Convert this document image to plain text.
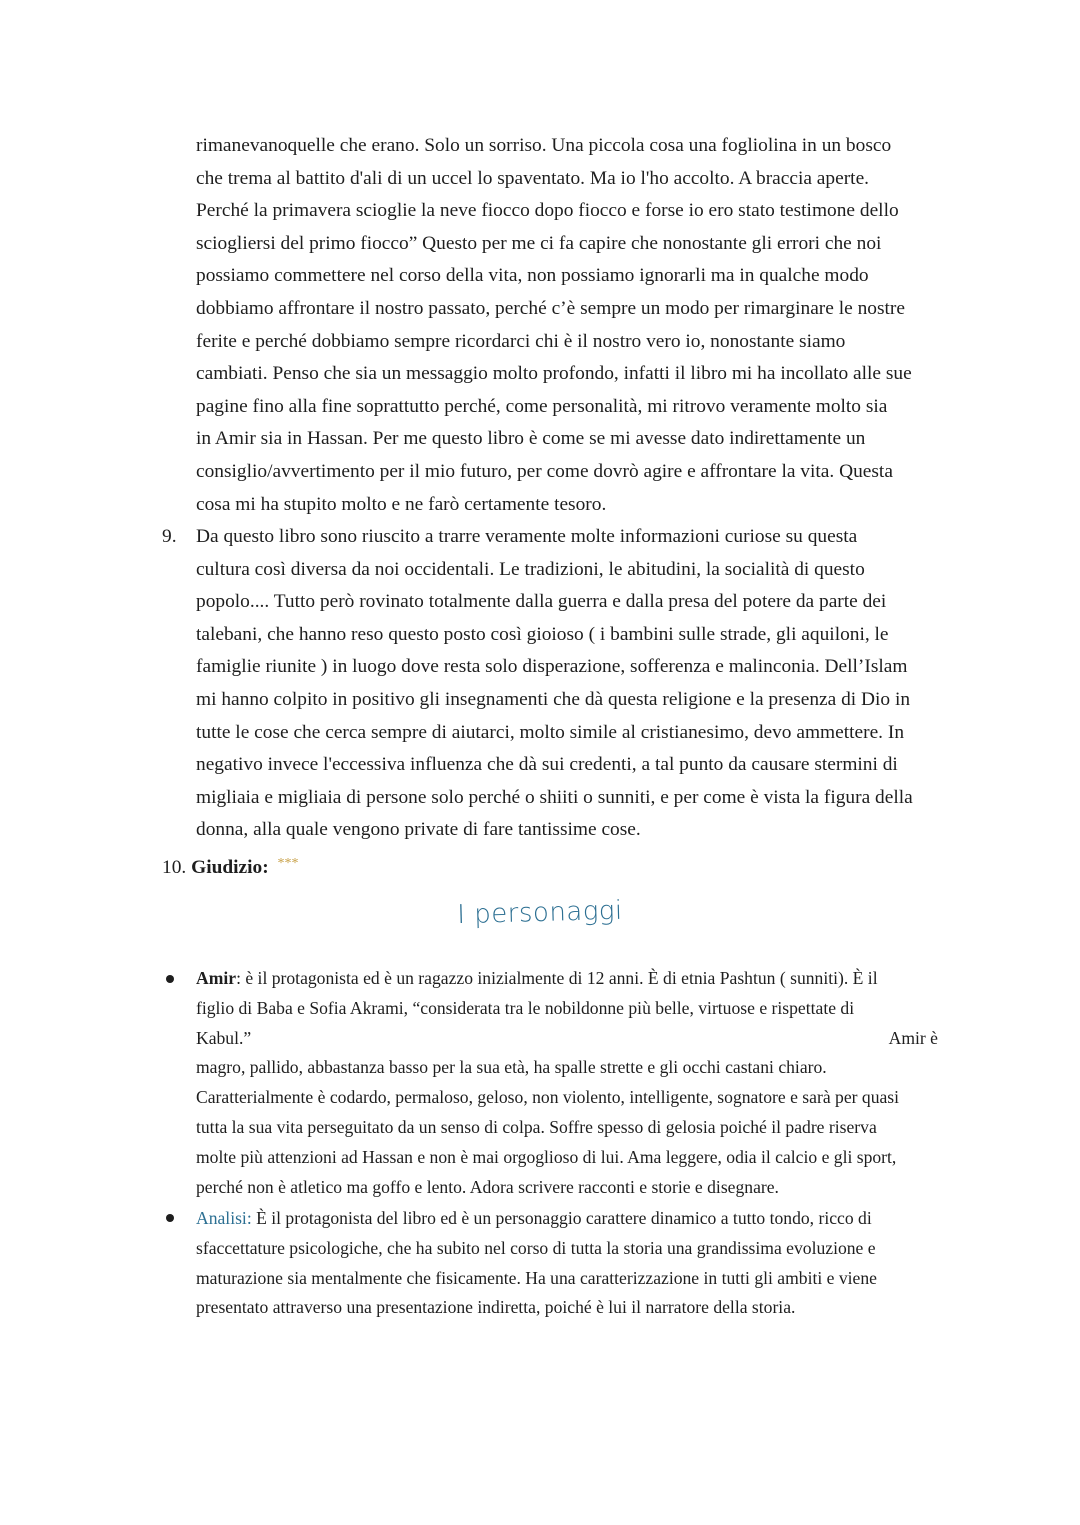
rimanevanoquelle che erano. Solo un sorriso. Una piccola cosa una fogliolina in un bosco
che trema al battito d'ali di un uccel lo spaventato. Ma io l'ho accolto. A braccia aperte.
Perché la primavera scioglie la neve fiocco dopo fiocco e forse io ero stato testimone dello
sciogliersi del primo fiocco” Questo per me ci fa capire che nonostante gli errori che noi
possiamo commettere nel corso della vita, non possiamo ignorarli ma in qualche modo
dobbiamo affrontare il nostro passato, perché c’è sempre un modo per rimarginare le nostre
ferite e perché dobbiamo sempre ricordarci chi è il nostro vero io, nonostante siamo
cambiati. Penso che sia un messaggio molto profondo, infatti il libro mi ha incollato alle sue
pagine fino alla fine soprattutto perché, come personalità, mi ritrovo veramente molto sia
in Amir sia in Hassan. Per me questo libro è come se mi avesse dato indirettamente un
consiglio/avvertimento per il mio futuro, per come dovrò agire e affrontare la vita. Questa
cosa mi ha stupito molto e ne farò certamente tesoro.
9. Da questo libro sono riuscito a trarre veramente molte informazioni curiose su questa
cultura così diversa da noi occidentali. Le tradizioni, le abitudini, la socialità di questo
popolo.... Tutto però rovinato totalmente dalla guerra e dalla presa del potere da parte dei
talebani, che hanno reso questo posto così gioioso ( i bambini sulle strade, gli aquiloni, le
famiglie riunite ) in luogo dove resta solo disperazione, sofferenza e malinconia. Dell’Islam
mi hanno colpito in positivo gli insegnamenti che dà questa religione e la presenza di Dio in
tutte le cose che cerca sempre di aiutarci, molto simile al cristianesimo, devo ammettere. In
negativo invece l'eccessiva influenza che dà sui credenti, a tal punto da causare stermini di
migliaia e migliaia di persone solo perché o shiiti o sunniti, e per come è vista la figura della
donna, alla quale vengono private di fare tantissime cose.
10. Giudizio: ***
I personaggi
Amir: è il protagonista ed è un ragazzo inizialmente di 12 anni. È di etnia Pashtun ( sunniti). È il
figlio di Baba e Sofia Akrami, “considerata tra le nobildonne più belle, virtuose e rispettate di
Kabul.”	Amir è
magro, pallido, abbastanza basso per la sua età, ha spalle strette e gli occhi castani chiaro.
Caratterialmente è codardo, permaloso, geloso, non violento, intelligente, sognatore e sarà per quasi
tutta la sua vita perseguitato da un senso di colpa. Soffre spesso di gelosia poiché il padre riserva
molte più attenzioni ad Hassan e non è mai orgoglioso di lui. Ama leggere, odia il calcio e gli sport,
perché non è atletico ma goffo e lento. Adora scrivere racconti e storie e disegnare.
Analisi: È il protagonista del libro ed è un personaggio carattere dinamico a tutto tondo, ricco di
sfaccettature psicologiche, che ha subito nel corso di tutta la storia una grandissima evoluzione e
maturazione sia mentalmente che fisicamente. Ha una caratterizzazione in tutti gli ambiti e viene
presentato attraverso una presentazione indiretta, poiché è lui il narratore della storia.
